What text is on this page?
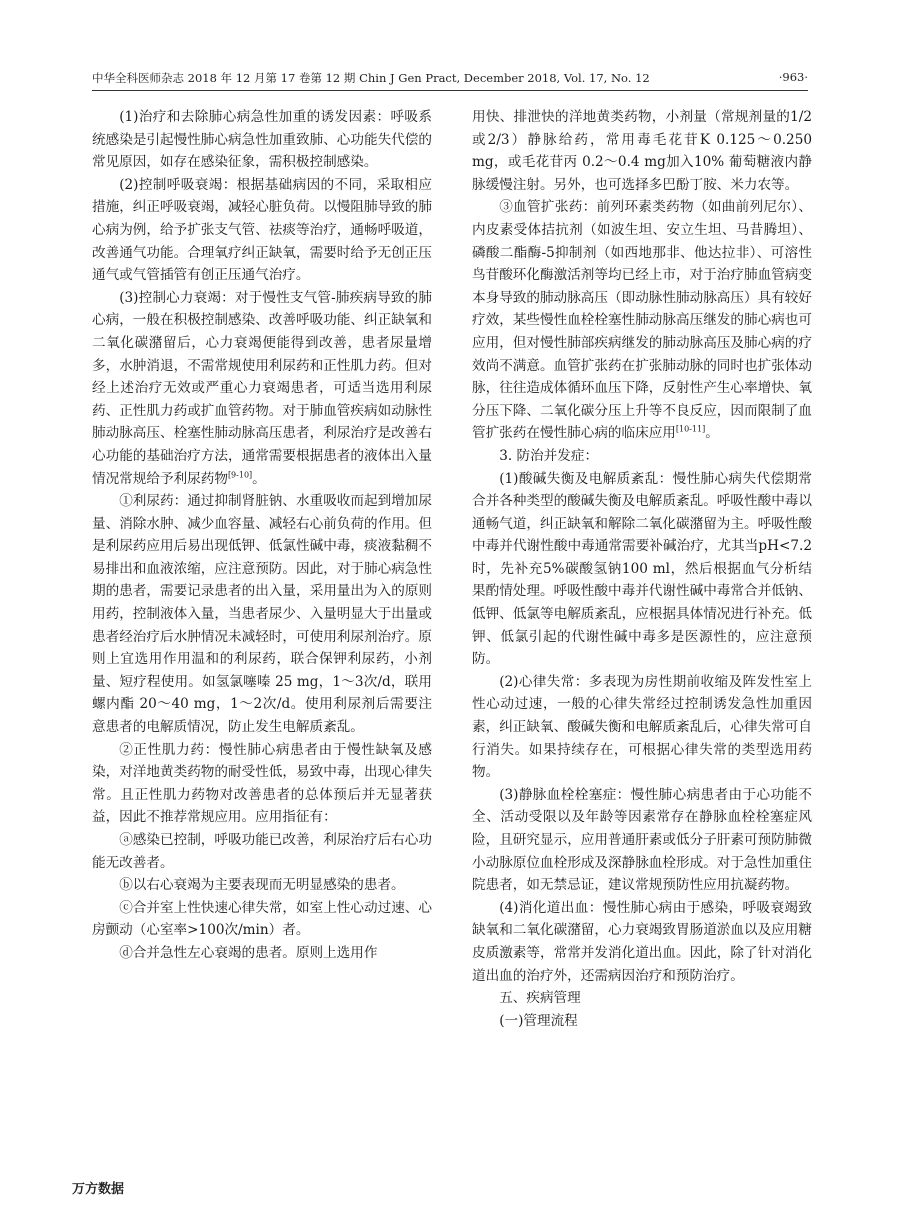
中华全科医师杂志 2018 年 12 月第 17 卷第 12 期 Chin J Gen Pract, December 2018, Vol. 17, No. 12	·963·

(1)治疗和去除肺心病急性加重的诱发因素：呼吸系统感染是引起慢性肺心病急性加重致肺、心功能失代偿的常见原因，如存在感染征象，需积极控制感染。

(2)控制呼吸衰竭：根据基础病因的不同，采取相应措施，纠正呼吸衰竭，减轻心脏负荷。以慢阻肺导致的肺心病为例，给予扩张支气管、祛痰等治疗，通畅呼吸道，改善通气功能。合理氧疗纠正缺氧，需要时给予无创正压通气或气管插管有创正压通气治疗。

(3)控制心力衰竭：对于慢性支气管-肺疾病导致的肺心病，一般在积极控制感染、改善呼吸功能、纠正缺氧和二氧化碳潴留后，心力衰竭便能得到改善，患者尿量增多，水肿消退，不需常规使用利尿药和正性肌力药。但对经上述治疗无效或严重心力衰竭患者，可适当选用利尿药、正性肌力药或扩血管药物。对于肺血管疾病如动脉性肺动脉高压、栓塞性肺动脉高压患者，利尿治疗是改善右心功能的基础治疗方法，通常需要根据患者的液体出入量情况常规给予利尿药物[9-10]。

①利尿药：通过抑制肾脏钠、水重吸收而起到增加尿量、消除水肿、减少血容量、减轻右心前负荷的作用。但是利尿药应用后易出现低钾、低氯性碱中毒，痰液黏稠不易排出和血液浓缩，应注意预防。因此，对于肺心病急性期的患者，需要记录患者的出入量，采用量出为入的原则用药，控制液体入量，当患者尿少、入量明显大于出量或患者经治疗后水肿情况未减轻时，可使用利尿剂治疗。原则上宜选用作用温和的利尿药，联合保钾利尿药，小剂量、短疗程使用。如氢氯噻嗪 25 mg，1～3次/d，联用螺内酯 20～40 mg，1～2次/d。使用利尿剂后需要注意患者的电解质情况，防止发生电解质紊乱。

②正性肌力药：慢性肺心病患者由于慢性缺氧及感染，对洋地黄类药物的耐受性低，易致中毒，出现心律失常。且正性肌力药物对改善患者的总体预后并无显著获益，因此不推荐常规应用。应用指征有：

ⓐ感染已控制，呼吸功能已改善，利尿治疗后右心功能无改善者。

ⓑ以右心衰竭为主要表现而无明显感染的患者。

ⓒ合并室上性快速心律失常，如室上性心动过速、心房颤动（心室率>100次/min）者。

ⓓ合并急性左心衰竭的患者。原则上选用作

用快、排泄快的洋地黄类药物，小剂量（常规剂量的1/2或2/3）静脉给药，常用毒毛花苷K 0.125～0.250 mg，或毛花苷丙 0.2～0.4 mg加入10% 葡萄糖液内静脉缓慢注射。另外，也可选择多巴酚丁胺、米力农等。

③血管扩张药：前列环素类药物（如曲前列尼尔）、内皮素受体拮抗剂（如波生坦、安立生坦、马昔腾坦）、磷酸二酯酶-5抑制剂（如西地那非、他达拉非）、可溶性鸟苷酸环化酶激活剂等均已经上市，对于治疗肺血管病变本身导致的肺动脉高压（即动脉性肺动脉高压）具有较好疗效，某些慢性血栓栓塞性肺动脉高压继发的肺心病也可应用，但对慢性肺部疾病继发的肺动脉高压及肺心病的疗效尚不满意。血管扩张药在扩张肺动脉的同时也扩张体动脉，往往造成体循环血压下降，反射性产生心率增快、氧分压下降、二氧化碳分压上升等不良反应，因而限制了血管扩张药在慢性肺心病的临床应用[10-11]。

3. 防治并发症：

(1)酸碱失衡及电解质紊乱：慢性肺心病失代偿期常合并各种类型的酸碱失衡及电解质紊乱。呼吸性酸中毒以通畅气道，纠正缺氧和解除二氧化碳潴留为主。呼吸性酸中毒并代谢性酸中毒通常需要补碱治疗，尤其当pH<7.2时，先补充5%碳酸氢钠100 ml，然后根据血气分析结果酌情处理。呼吸性酸中毒并代谢性碱中毒常合并低钠、低钾、低氯等电解质紊乱，应根据具体情况进行补充。低钾、低氯引起的代谢性碱中毒多是医源性的，应注意预防。

(2)心律失常：多表现为房性期前收缩及阵发性室上性心动过速，一般的心律失常经过控制诱发急性加重因素，纠正缺氧、酸碱失衡和电解质紊乱后，心律失常可自行消失。如果持续存在，可根据心律失常的类型选用药物。

(3)静脉血栓栓塞症：慢性肺心病患者由于心功能不全、活动受限以及年龄等因素常存在静脉血栓栓塞症风险，且研究显示，应用普通肝素或低分子肝素可预防肺微小动脉原位血栓形成及深静脉血栓形成。对于急性加重住院患者，如无禁忌证，建议常规预防性应用抗凝药物。

(4)消化道出血：慢性肺心病由于感染，呼吸衰竭致缺氧和二氧化碳潴留，心力衰竭致胃肠道淤血以及应用糖皮质激素等，常常并发消化道出血。因此，除了针对消化道出血的治疗外，还需病因治疗和预防治疗。

五、疾病管理

(一)管理流程

万方数据
